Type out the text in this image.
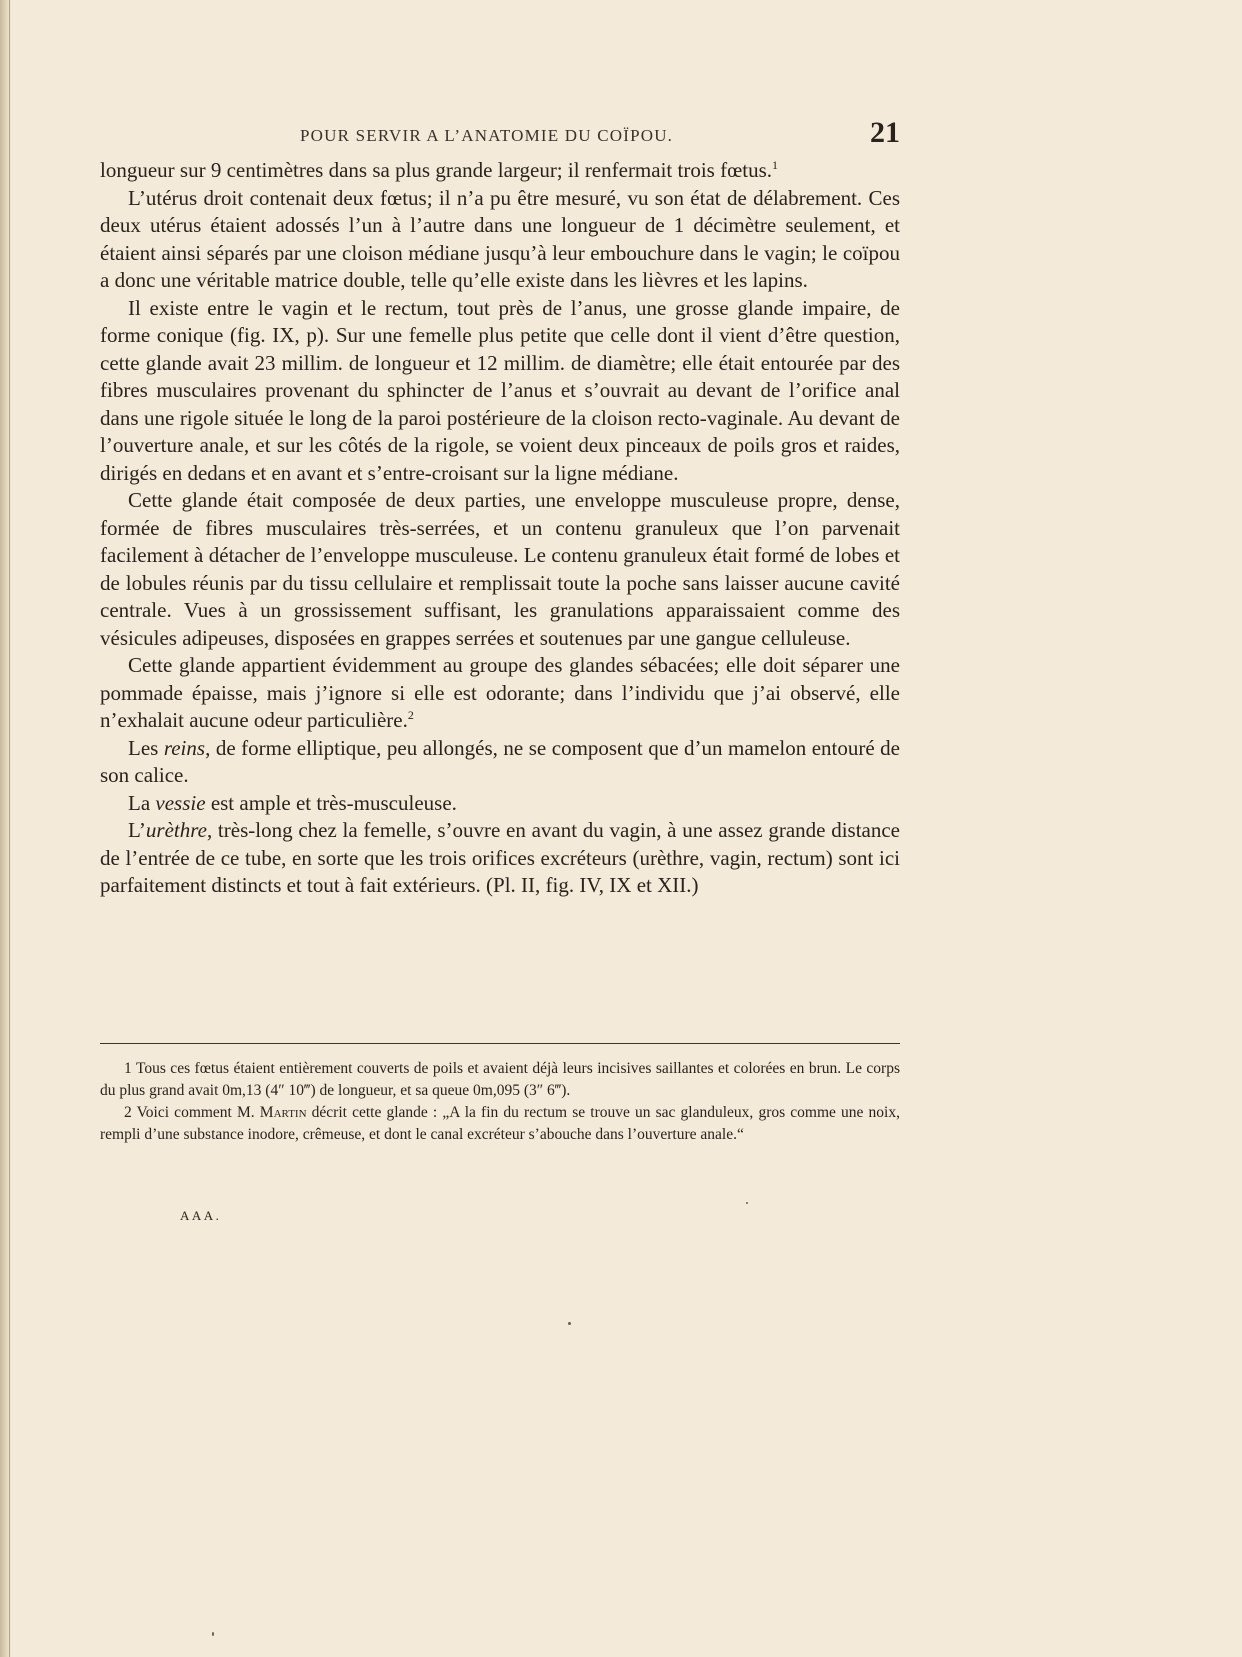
POUR SERVIR A L’ANATOMIE DU COÏPOU.	21

longueur sur 9 centimètres dans sa plus grande largeur; il renfermait trois fœtus.$^1$

L’utérus droit contenait deux fœtus; il n’a pu être mesuré, vu son état de délabrement. Ces deux utérus étaient adossés l’un à l’autre dans une longueur de 1 décimètre seulement, et étaient ainsi séparés par une cloison médiane jusqu’à leur embouchure dans le vagin; le coïpou a donc une véritable matrice double, telle qu’elle existe dans les lièvres et les lapins.

Il existe entre le vagin et le rectum, tout près de l’anus, une grosse glande impaire, de forme conique (fig. IX, p). Sur une femelle plus petite que celle dont il vient d’être question, cette glande avait 23 millim. de longueur et 12 millim. de diamètre; elle était entourée par des fibres musculaires provenant du sphincter de l’anus et s’ouvrait au devant de l’orifice anal dans une rigole située le long de la paroi postérieure de la cloison recto-vaginale. Au devant de l’ouverture anale, et sur les côtés de la rigole, se voient deux pinceaux de poils gros et raides, dirigés en dedans et en avant et s’entre-croisant sur la ligne médiane.

Cette glande était composée de deux parties, une enveloppe musculeuse propre, dense, formée de fibres musculaires très-serrées, et un contenu granuleux que l’on parvenait facilement à détacher de l’enveloppe musculeuse. Le contenu granuleux était formé de lobes et de lobules réunis par du tissu cellulaire et remplissait toute la poche sans laisser aucune cavité centrale. Vues à un grossissement suffisant, les granulations apparaissaient comme des vésicules adipeuses, disposées en grappes serrées et soutenues par une gangue celluleuse.

Cette glande appartient évidemment au groupe des glandes sébacées; elle doit séparer une pommade épaisse, mais j’ignore si elle est odorante; dans l’individu que j’ai observé, elle n’exhalait aucune odeur particulière.$^2$

Les reins, de forme elliptique, peu allongés, ne se composent que d’un mamelon entouré de son calice.

La vessie est ample et très-musculeuse.

L’urèthre, très-long chez la femelle, s’ouvre en avant du vagin, à une assez grande distance de l’entrée de ce tube, en sorte que les trois orifices excréteurs (urèthre, vagin, rectum) sont ici parfaitement distincts et tout à fait extérieurs. (Pl. II, fig. IV, IX et XII.)

1 Tous ces fœtus étaient entièrement couverts de poils et avaient déjà leurs incisives saillantes et colorées en brun. Le corps du plus grand avait 0m,13 (4″ 10‴) de longueur, et sa queue 0m,095 (3″ 6‴).

2 Voici comment M. Martin décrit cette glande : „A la fin du rectum se trouve un sac glanduleux, gros comme une noix, rempli d’une substance inodore, crêmeuse, et dont le canal excréteur s’abouche dans l’ouverture anale.“

AAA.
